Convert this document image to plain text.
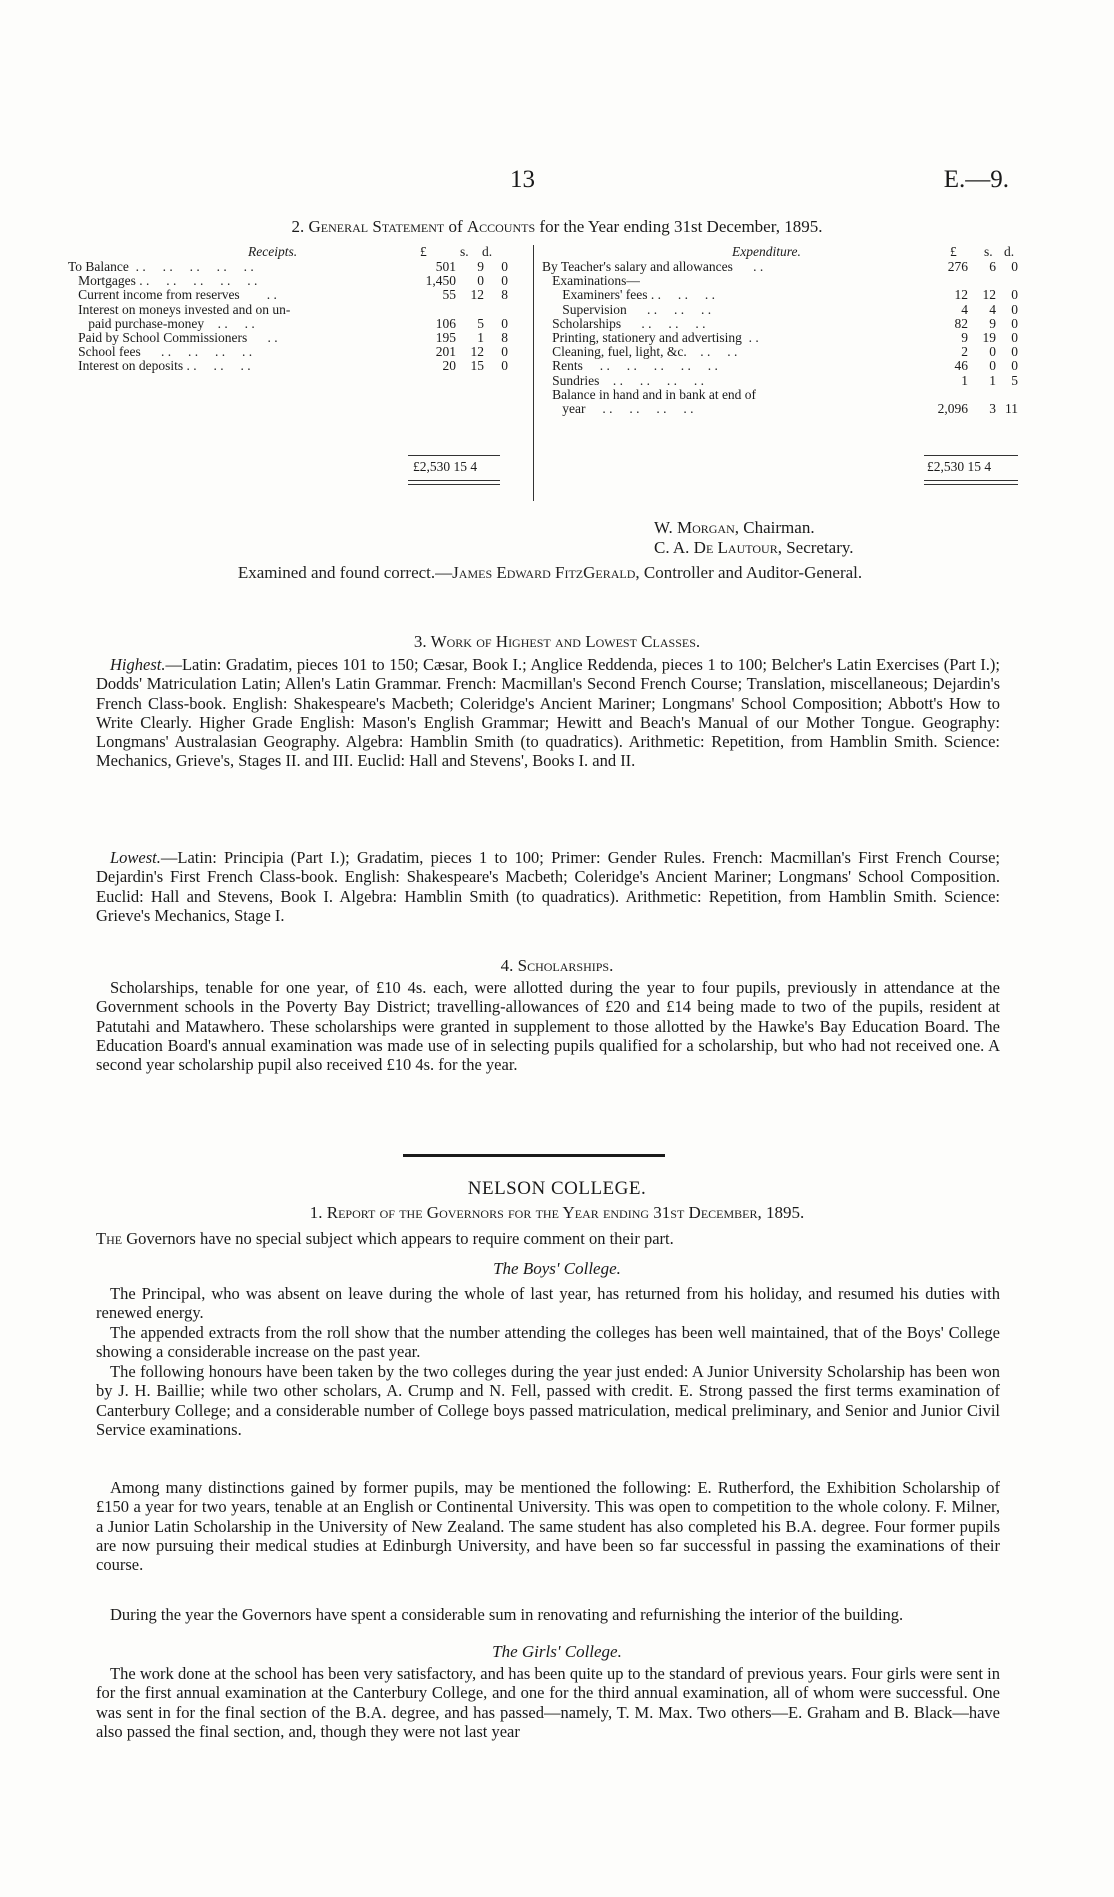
13	E.—9.
2. General Statement of Accounts for the Year ending 31st December, 1895.
Receipts.	£ s. d.
To Balance  . .     . .     . .     . .     . .	501 9 0
Mortgages . .     . .     . .     . .     . .	1,450 0 0
Current income from reserves        . .	55 12 8
Interest on moneys invested and on un-
paid purchase-money    . .     . .	106 5 0
Paid by School Commissioners      . .	195 1 8
School fees      . .     . .     . .     . .	201 12 0
Interest on deposits . .     . .     . .	20 15 0
£2,530 15 4
Expenditure.	£ s. d.
By Teacher's salary and allowances      . .	276 6 0
Examinations—
Examiners' fees . .     . .     . .	12 12 0
Supervision      . .     . .     . .	4 4 0
Scholarships      . .     . .     . .	82 9 0
Printing, stationery and advertising  . .	9 19 0
Cleaning, fuel, light, &c.    . .     . .	2 0 0
Rents     . .     . .     . .     . .     . .	46 0 0
Sundries    . .     . .     . .     . .	1 1 5
Balance in hand and in bank at end of
year     . .     . .     . .     . .	2,096 3 11
£2,530 15 4
W. Morgan, Chairman.
C. A. De Lautour, Secretary.
Examined and found correct.—James Edward FitzGerald, Controller and Auditor-General.
3. Work of Highest and Lowest Classes.
Highest.—Latin: Gradatim, pieces 101 to 150; Cæsar, Book I.; Anglice Reddenda, pieces 1 to 100; Belcher's Latin Exercises (Part I.); Dodds' Matriculation Latin; Allen's Latin Grammar. French: Macmillan's Second French Course; Translation, miscellaneous; Dejardin's French Class-book. English: Shakespeare's Macbeth; Coleridge's Ancient Mariner; Longmans' School Composition; Abbott's How to Write Clearly. Higher Grade English: Mason's English Grammar; Hewitt and Beach's Manual of our Mother Tongue. Geography: Longmans' Australasian Geography. Algebra: Hamblin Smith (to quadratics). Arithmetic: Repetition, from Hamblin Smith. Science: Mechanics, Grieve's, Stages II. and III. Euclid: Hall and Stevens', Books I. and II.
Lowest.—Latin: Principia (Part I.); Gradatim, pieces 1 to 100; Primer: Gender Rules. French: Macmillan's First French Course; Dejardin's First French Class-book. English: Shakespeare's Macbeth; Coleridge's Ancient Mariner; Longmans' School Composition. Euclid: Hall and Stevens, Book I. Algebra: Hamblin Smith (to quadratics). Arithmetic: Repetition, from Hamblin Smith. Science: Grieve's Mechanics, Stage I.
4. Scholarships.
Scholarships, tenable for one year, of £10 4s. each, were allotted during the year to four pupils, previously in attendance at the Government schools in the Poverty Bay District; travelling-allowances of £20 and £14 being made to two of the pupils, resident at Patutahi and Matawhero. These scholarships were granted in supplement to those allotted by the Hawke's Bay Education Board. The Education Board's annual examination was made use of in selecting pupils qualified for a scholarship, but who had not received one. A second year scholarship pupil also received £10 4s. for the year.
NELSON COLLEGE.
1. Report of the Governors for the Year ending 31st December, 1895.
The Governors have no special subject which appears to require comment on their part.
The Boys' College.
The Principal, who was absent on leave during the whole of last year, has returned from his holiday, and resumed his duties with renewed energy.
The appended extracts from the roll show that the number attending the colleges has been well maintained, that of the Boys' College showing a considerable increase on the past year.
The following honours have been taken by the two colleges during the year just ended: A Junior University Scholarship has been won by J. H. Baillie; while two other scholars, A. Crump and N. Fell, passed with credit. E. Strong passed the first terms examination of Canterbury College; and a considerable number of College boys passed matriculation, medical preliminary, and Senior and Junior Civil Service examinations.
Among many distinctions gained by former pupils, may be mentioned the following: E. Rutherford, the Exhibition Scholarship of £150 a year for two years, tenable at an English or Continental University. This was open to competition to the whole colony. F. Milner, a Junior Latin Scholarship in the University of New Zealand. The same student has also completed his B.A. degree. Four former pupils are now pursuing their medical studies at Edinburgh University, and have been so far successful in passing the examinations of their course.
During the year the Governors have spent a considerable sum in renovating and refurnishing the interior of the building.
The Girls' College.
The work done at the school has been very satisfactory, and has been quite up to the standard of previous years. Four girls were sent in for the first annual examination at the Canterbury College, and one for the third annual examination, all of whom were successful. One was sent in for the final section of the B.A. degree, and has passed—namely, T. M. Max. Two others—E. Graham and B. Black—have also passed the final section, and, though they were not last year
